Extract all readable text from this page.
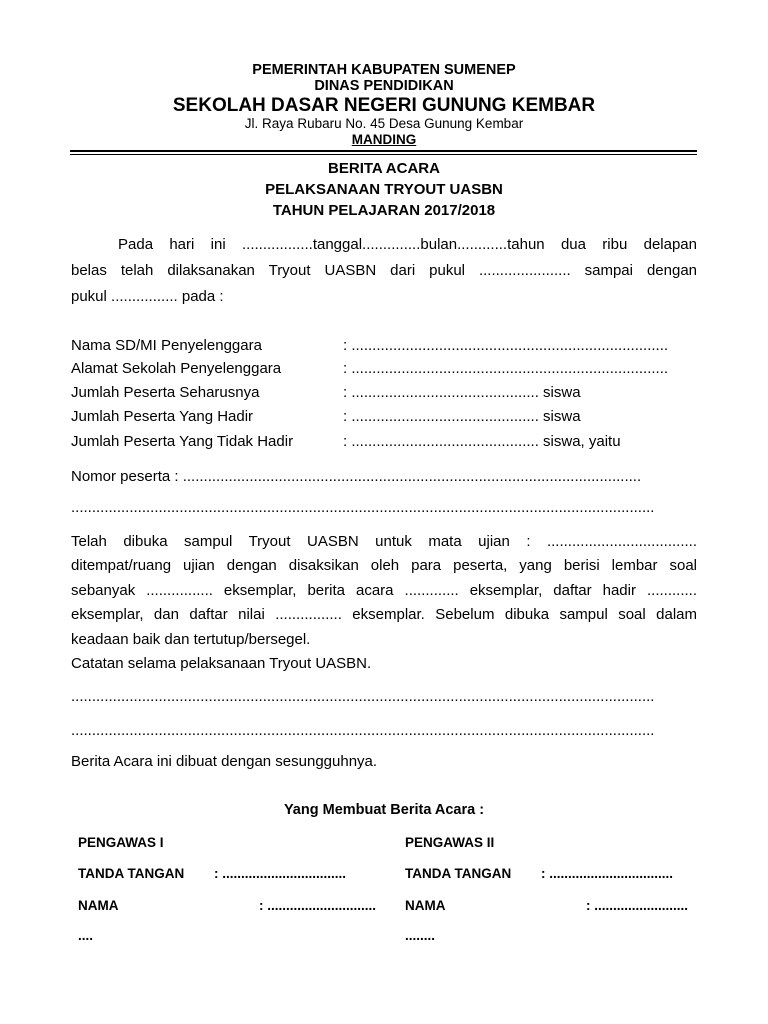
PEMERINTAH KABUPATEN SUMENEP
DINAS PENDIDIKAN
SEKOLAH DASAR NEGERI GUNUNG KEMBAR
Jl. Raya Rubaru No. 45 Desa Gunung Kembar
MANDING
BERITA ACARA
PELAKSANAAN TRYOUT UASBN
TAHUN PELAJARAN 2017/2018
Pada hari ini .................tanggal..............bulan............tahun dua ribu delapan
belas telah dilaksanakan Tryout UASBN dari pukul ...................... sampai dengan
pukul ................ pada :
Nama SD/MI Penyelenggara	: ............................................................................
Alamat Sekolah Penyelenggara	: ............................................................................
Jumlah Peserta Seharusnya	: ............................................. siswa
Jumlah Peserta Yang Hadir	: ............................................. siswa
Jumlah Peserta Yang Tidak Hadir	: ............................................. siswa, yaitu
Nomor peserta : ..............................................................................................................
............................................................................................................................................
Telah dibuka sampul Tryout UASBN untuk mata ujian : ....................................
ditempat/ruang ujian dengan disaksikan oleh para peserta, yang berisi lembar soal
sebanyak ................ eksemplar, berita acara ............. eksemplar, daftar hadir ............
eksemplar, dan daftar nilai ................ eksemplar. Sebelum dibuka sampul soal dalam
keadaan baik dan tertutup/bersegel.
Catatan selama pelaksanaan Tryout UASBN.
............................................................................................................................................
............................................................................................................................................
Berita Acara ini dibuat dengan sesungguhnya.
Yang Membuat Berita Acara :
PENGAWAS I
TANDA TANGAN : .................................
NAMA	: .............................
....
PENGAWAS II
TANDA TANGAN : .................................
NAMA	: .........................
........
